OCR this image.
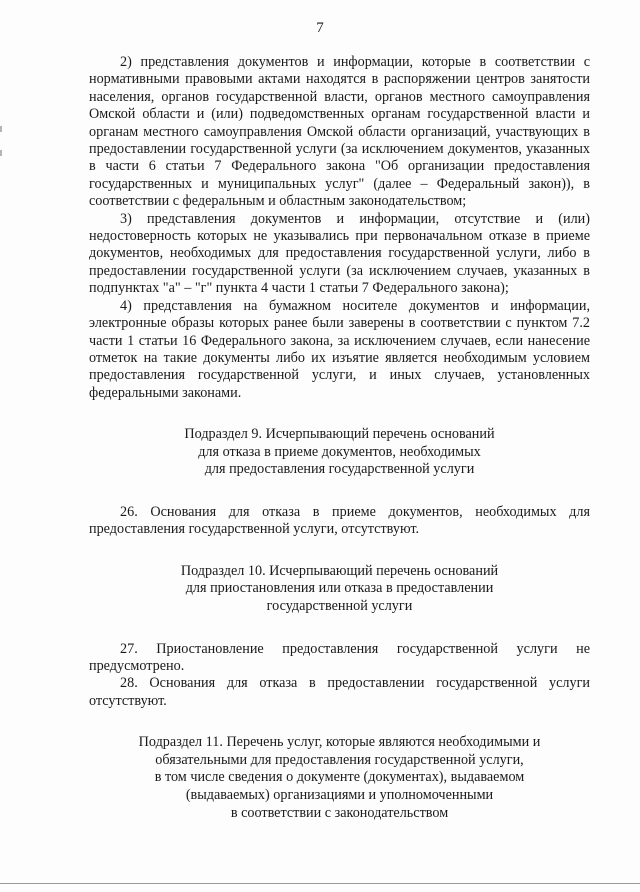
7

2) представления документов и информации, которые в соответствии с нормативными правовыми актами находятся в распоряжении центров занятости населения, органов государственной власти, органов местного самоуправления Омской области и (или) подведомственных органам государственной власти и органам местного самоуправления Омской области организаций, участвующих в предоставлении государственной услуги (за исключением документов, указанных в части 6 статьи 7 Федерального закона "Об организации предоставления государственных и муниципальных услуг" (далее – Федеральный закон)), в соответствии с федеральным и областным законодательством;

3) представления документов и информации, отсутствие и (или) недостоверность которых не указывались при первоначальном отказе в приеме документов, необходимых для предоставления государственной услуги, либо в предоставлении государственной услуги (за исключением случаев, указанных в подпунктах "а" – "г" пункта 4 части 1 статьи 7 Федерального закона);

4) представления на бумажном носителе документов и информации, электронные образы которых ранее были заверены в соответствии с пунктом 7.2 части 1 статьи 16 Федерального закона, за исключением случаев, если нанесение отметок на такие документы либо их изъятие является необходимым условием предоставления государственной услуги, и иных случаев, установленных федеральными законами.

Подраздел 9. Исчерпывающий перечень оснований
для отказа в приеме документов, необходимых
для предоставления государственной услуги

26. Основания для отказа в приеме документов, необходимых для предоставления государственной услуги, отсутствуют.

Подраздел 10. Исчерпывающий перечень оснований
для приостановления или отказа в предоставлении
государственной услуги

27. Приостановление предоставления государственной услуги не предусмотрено.

28. Основания для отказа в предоставлении государственной услуги отсутствуют.

Подраздел 11. Перечень услуг, которые являются необходимыми и
обязательными для предоставления государственной услуги,
в том числе сведения о документе (документах), выдаваемом
(выдаваемых) организациями и уполномоченными
в соответствии с законодательством
